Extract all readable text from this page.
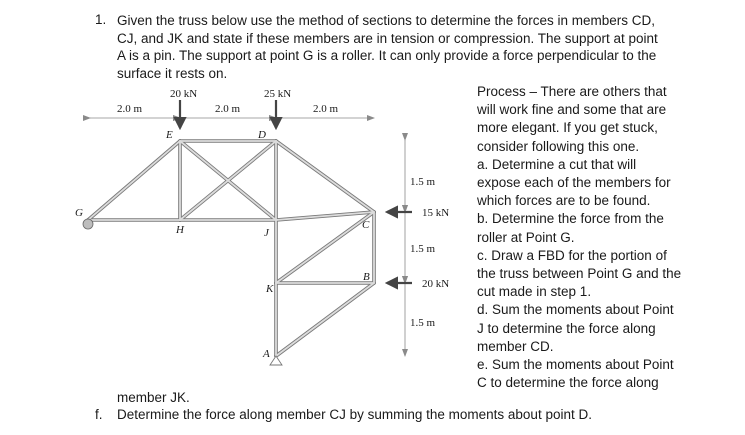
1. Given the truss below use the method of sections to determine the forces in members CD,
CJ, and JK and state if these members are in tension or compression. The support at point
A is a pin. The support at point G is a roller. It can only provide a force perpendicular to the
surface it rests on.
20 kN	25 kN
15 kN
20 kN
2.0 m	2.0 m	2.0 m
1.5 m
1.5 m
1.5 m
G
E	D
H	J
C
K
B
A
Process – There are others that
will work fine and some that are
more elegant. If you get stuck,
consider following this one.
a. Determine a cut that will
expose each of the members for
which forces are to be found.
b. Determine the force from the
roller at Point G.
c. Draw a FBD for the portion of
the truss between Point G and the
cut made in step 1.
d. Sum the moments about Point
J to determine the force along
member CD.
e. Sum the moments about Point
C to determine the force along
member JK.
f. Determine the force along member CJ by summing the moments about point D.
